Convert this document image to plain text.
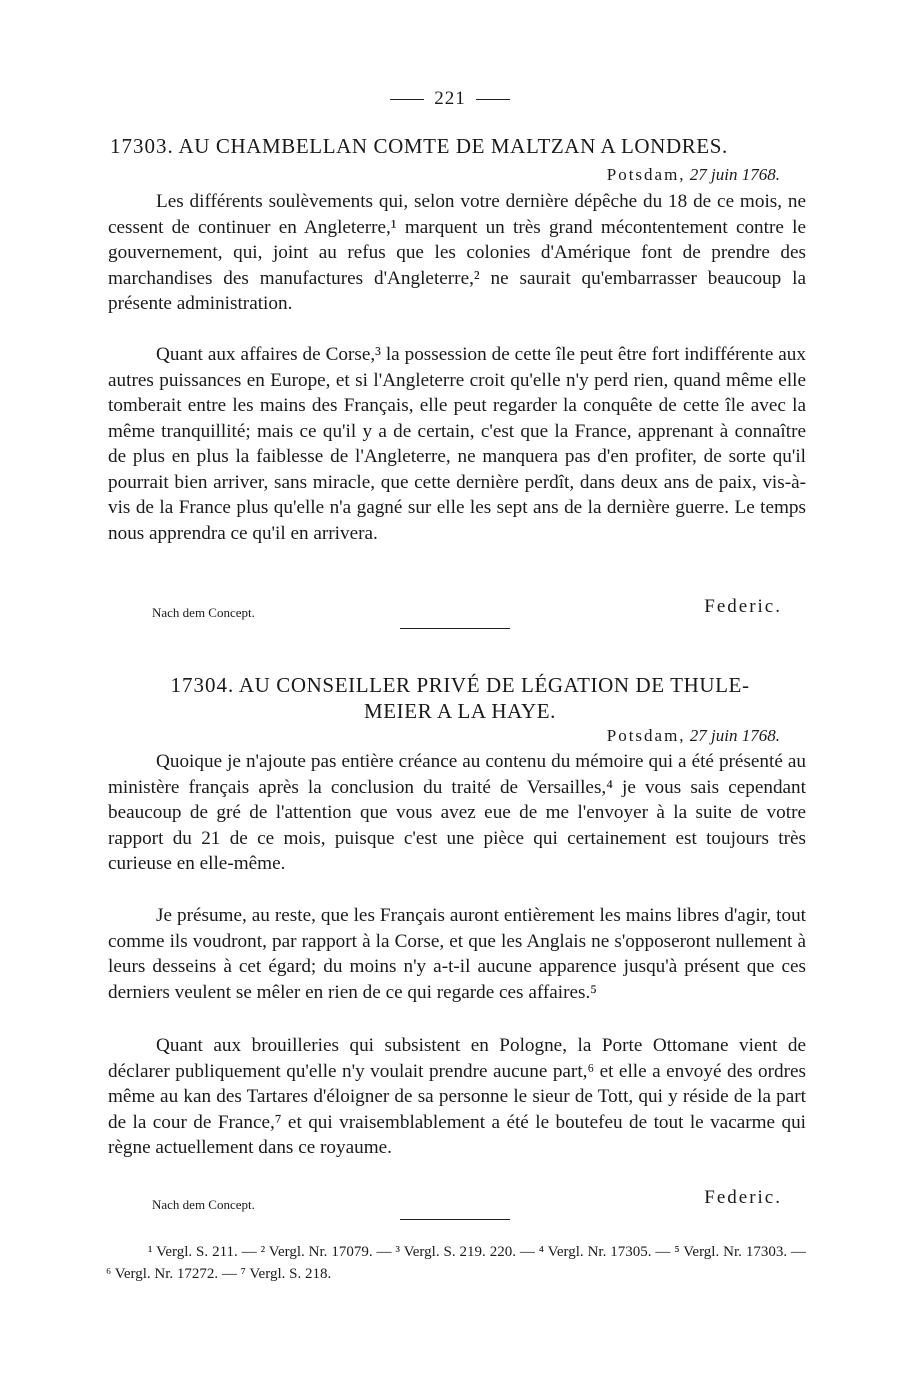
221
17303. AU CHAMBELLAN COMTE DE MALTZAN A LONDRES.
Potsdam, 27 juin 1768.

Les différents soulèvements qui, selon votre dernière dépêche du 18 de ce mois, ne cessent de continuer en Angleterre,¹ marquent un très grand mécontentement contre le gouvernement, qui, joint au refus que les colonies d'Amérique font de prendre des marchandises des manufactures d'Angleterre,² ne saurait qu'embarrasser beaucoup la présente administration.

Quant aux affaires de Corse,³ la possession de cette île peut être fort indifférente aux autres puissances en Europe, et si l'Angleterre croit qu'elle n'y perd rien, quand même elle tomberait entre les mains des Français, elle peut regarder la conquête de cette île avec la même tranquillité; mais ce qu'il y a de certain, c'est que la France, apprenant à connaître de plus en plus la faiblesse de l'Angleterre, ne manquera pas d'en profiter, de sorte qu'il pourrait bien arriver, sans miracle, que cette dernière perdît, dans deux ans de paix, vis-à-vis de la France plus qu'elle n'a gagné sur elle les sept ans de la dernière guerre. Le temps nous apprendra ce qu'il en arrivera.

Nach dem Concept.	Federic.
17304. AU CONSEILLER PRIVÉ DE LÉGATION DE THULE-
MEIER A LA HAYE.
Potsdam, 27 juin 1768.

Quoique je n'ajoute pas entière créance au contenu du mémoire qui a été présenté au ministère français après la conclusion du traité de Versailles,⁴ je vous sais cependant beaucoup de gré de l'attention que vous avez eue de me l'envoyer à la suite de votre rapport du 21 de ce mois, puisque c'est une pièce qui certainement est toujours très curieuse en elle-même.

Je présume, au reste, que les Français auront entièrement les mains libres d'agir, tout comme ils voudront, par rapport à la Corse, et que les Anglais ne s'opposeront nullement à leurs desseins à cet égard; du moins n'y a-t-il aucune apparence jusqu'à présent que ces derniers veulent se mêler en rien de ce qui regarde ces affaires.⁵

Quant aux brouilleries qui subsistent en Pologne, la Porte Ottomane vient de déclarer publiquement qu'elle n'y voulait prendre aucune part,⁶ et elle a envoyé des ordres même au kan des Tartares d'éloigner de sa personne le sieur de Tott, qui y réside de la part de la cour de France,⁷ et qui vraisemblablement a été le boutefeu de tout le vacarme qui règne actuellement dans ce royaume.

Nach dem Concept.	Federic.

¹ Vergl. S. 211. — ² Vergl. Nr. 17079. — ³ Vergl. S. 219. 220. — ⁴ Vergl. Nr. 17305. — ⁵ Vergl. Nr. 17303. — ⁶ Vergl. Nr. 17272. — ⁷ Vergl. S. 218.
